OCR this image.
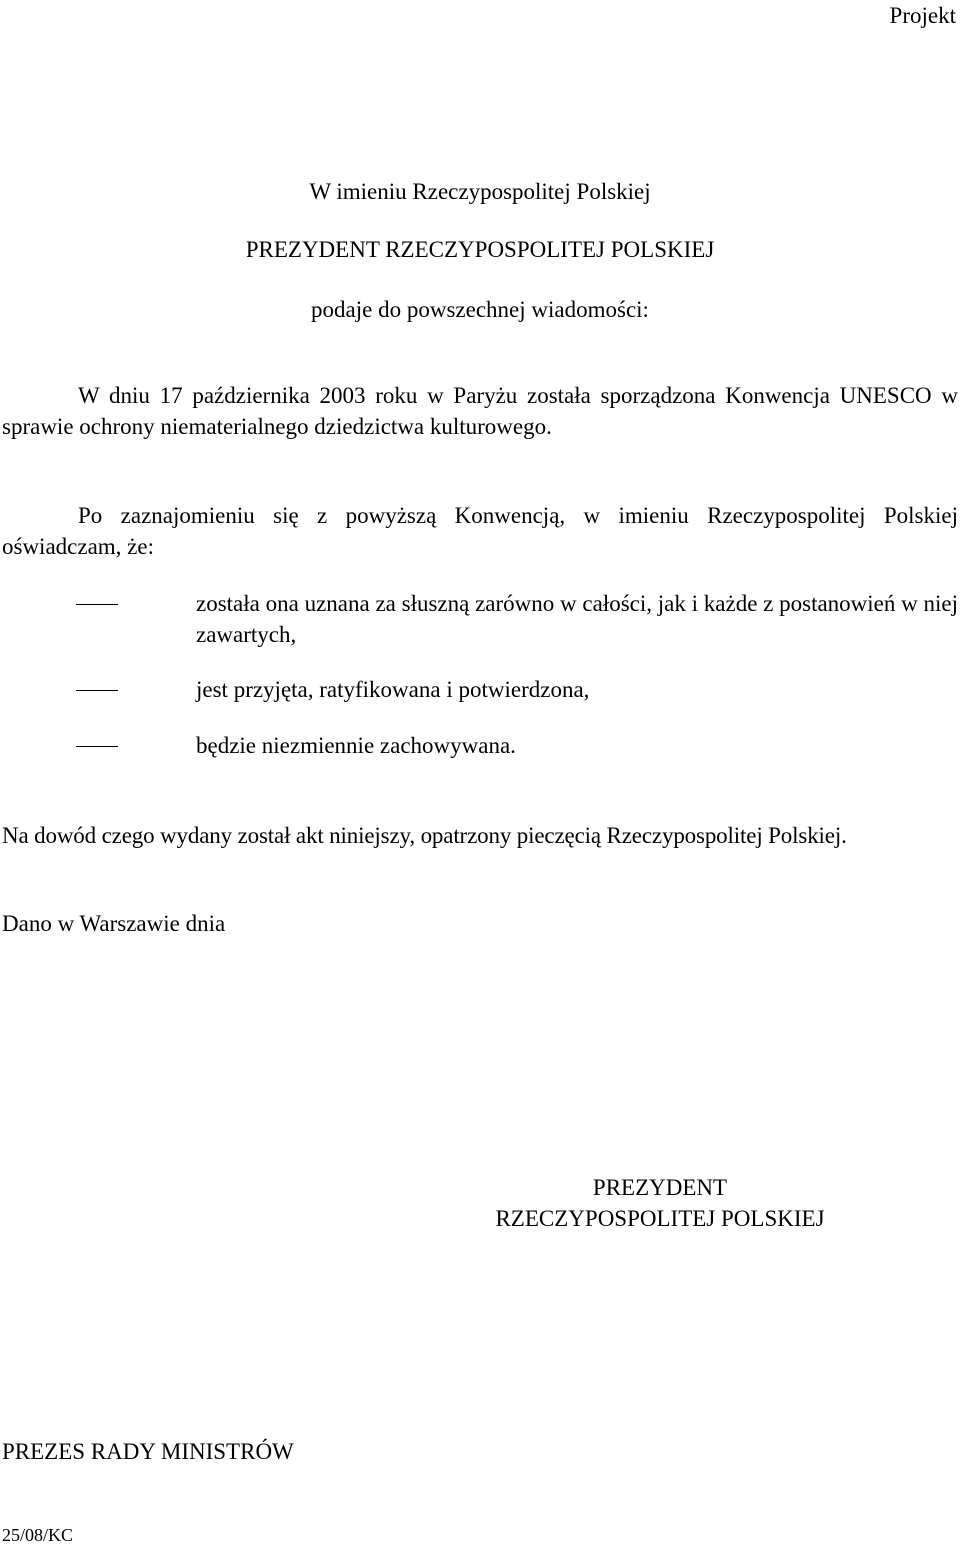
Projekt
W imieniu Rzeczypospolitej Polskiej
PREZYDENT RZECZYPOSPOLITEJ POLSKIEJ
podaje do powszechnej wiadomości:
W dniu 17 października 2003 roku w Paryżu została sporządzona Konwencja UNESCO w sprawie ochrony niematerialnego dziedzictwa kulturowego.
Po zaznajomieniu się z powyższą Konwencją, w imieniu Rzeczypospolitej Polskiej oświadczam, że:
została ona uznana za słuszną zarówno w całości, jak i każde z postanowień w niej zawartych,
jest przyjęta, ratyfikowana i potwierdzona,
będzie niezmiennie zachowywana.
Na dowód czego wydany został akt niniejszy, opatrzony pieczęcią Rzeczypospolitej Polskiej.
Dano w Warszawie dnia
PREZYDENT
RZECZYPOSPOLITEJ POLSKIEJ
PREZES RADY MINISTRÓW
25/08/KC
